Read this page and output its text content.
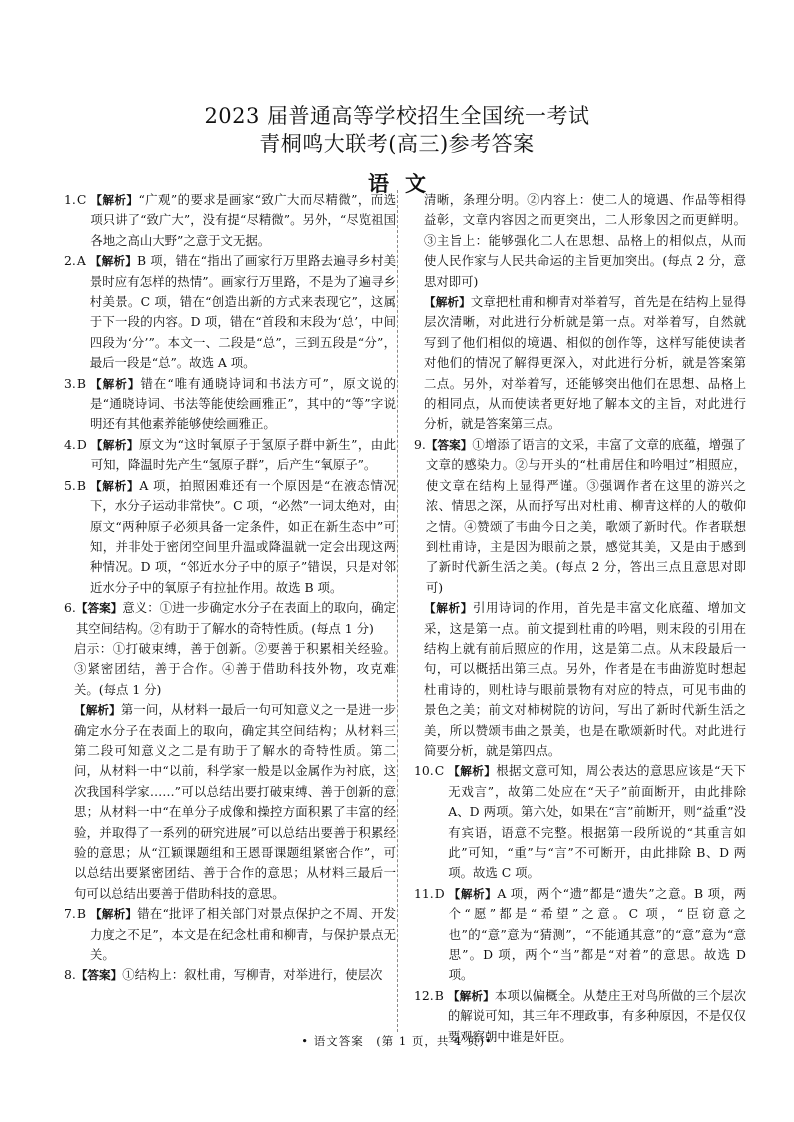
2023 届普通高等学校招生全国统一考试
青桐鸣大联考(高三)参考答案
语文
1.C 【解析】“广观”的要求是画家“致广大而尽精微”，而选项只讲了“致广大”，没有提“尽精微”。另外，“尽览祖国各地之高山大野”之意于文无据。
2.A 【解析】B 项，错在“指出了画家行万里路去遍寻乡村美景时应有怎样的热情”。画家行万里路，不是为了遍寻乡村美景。C 项，错在“创造出新的方式来表现它”，这属于下一段的内容。D 项，错在“首段和末段为‘总’，中间四段为‘分’”。本文一、二段是“总”，三到五段是“分”，最后一段是“总”。故选 A 项。
3.B 【解析】错在“唯有通晓诗词和书法方可”，原文说的是“通晓诗词、书法等能使绘画雅正”，其中的“等”字说明还有其他素养能够使绘画雅正。
4.D 【解析】原文为“这时氧原子于氢原子群中新生”，由此可知，降温时先产生“氢原子群”，后产生“氧原子”。
5.B 【解析】A 项，拍照困难还有一个原因是“在液态情况下，水分子运动非常快”。C 项，“必然”一词太绝对，由原文“两种原子必须具备一定条件，如正在新生态中”可知，并非处于密闭空间里升温或降温就一定会出现这两种情况。D 项，“邻近水分子中的原子”错误，只是对邻近水分子中的氧原子有拉扯作用。故选 B 项。
6. 【答案】意义：①进一步确定水分子在表面上的取向，确定其空间结构。②有助于了解水的奇特性质。(每点 1 分)
启示：①打破束缚，善于创新。②要善于积累相关经验。③紧密团结，善于合作。④善于借助科技外物，攻克难关。(每点 1 分)
【解析】第一问，从材料一最后一句可知意义之一是进一步确定水分子在表面上的取向，确定其空间结构；从材料三第二段可知意义之二是有助于了解水的奇特性质。第二问，从材料一中“以前，科学家一般是以金属作为衬底，这次我国科学家……”可以总结出要打破束缚、善于创新的意思；从材料一中“在单分子成像和操控方面积累了丰富的经验，并取得了一系列的研究进展”可以总结出要善于积累经验的意思；从“江颖课题组和王恩哥课题组紧密合作”，可以总结出要紧密团结、善于合作的意思；从材料三最后一句可以总结出要善于借助科技的意思。
7.B 【解析】错在“批评了相关部门对景点保护之不周、开发力度之不足”，本文是在纪念杜甫和柳青，与保护景点无关。
8. 【答案】①结构上：叙杜甫，写柳青，对举进行，使层次
清晰，条理分明。②内容上：使二人的境遇、作品等相得益彰，文章内容因之而更突出，二人形象因之而更鲜明。③主旨上：能够强化二人在思想、品格上的相似点，从而使人民作家与人民共命运的主旨更加突出。(每点 2 分，意思对即可)
【解析】文章把杜甫和柳青对举着写，首先是在结构上显得层次清晰，对此进行分析就是第一点。对举着写，自然就写到了他们相似的境遇、相似的创作等，这样写能使读者对他们的情况了解得更深入，对此进行分析，就是答案第二点。另外，对举着写，还能够突出他们在思想、品格上的相同点，从而使读者更好地了解本文的主旨，对此进行分析，就是答案第三点。
9. 【答案】①增添了语言的文采，丰富了文章的底蕴，增强了文章的感染力。②与开头的“杜甫居住和吟唱过”相照应，使文章在结构上显得严谨。③强调作者在这里的游兴之浓、情思之深，从而抒写出对杜甫、柳青这样的人的敬仰之情。④赞颂了韦曲今日之美，歌颂了新时代。作者联想到杜甫诗，主是因为眼前之景，感觉其美，又是由于感到了新时代新生活之美。(每点 2 分，答出三点且意思对即可)
【解析】引用诗词的作用，首先是丰富文化底蕴、增加文采，这是第一点。前文提到杜甫的吟唱，则末段的引用在结构上就有前后照应的作用，这是第二点。从末段最后一句，可以概括出第三点。另外，作者是在韦曲游览时想起杜甫诗的，则杜诗与眼前景物有对应的特点，可见韦曲的景色之美；前文对柿树院的访问，写出了新时代新生活之美，所以赞颂韦曲之景美，也是在歌颂新时代。对此进行简要分析，就是第四点。
10.C 【解析】根据文意可知，周公表达的意思应该是“天下无戏言”，故第二处应在“天子”前面断开，由此排除 A、D 两项。第六处，如果在“言”前断开，则“益重”没有宾语，语意不完整。根据第一段所说的“其重言如此”可知，“重”与“言”不可断开，由此排除 B、D 两项。故选 C 项。
11.D 【解析】A 项，两个“遗”都是“遗失”之意。B 项，两个“愿”都是“希望”之意。C 项，“臣窃意之也”的“意”意为“猜测”，“不能通其意”的“意”意为“意思”。D 项，两个“当”都是“对着”的意思。故选 D 项。
12.B 【解析】本项以偏概全。从楚庄王对鸟所做的三个层次的解说可知，其三年不理政事，有多种原因，不是仅仅要观察朝中谁是奸臣。
• 语文答案　(第 1 页，共 4 页)•
